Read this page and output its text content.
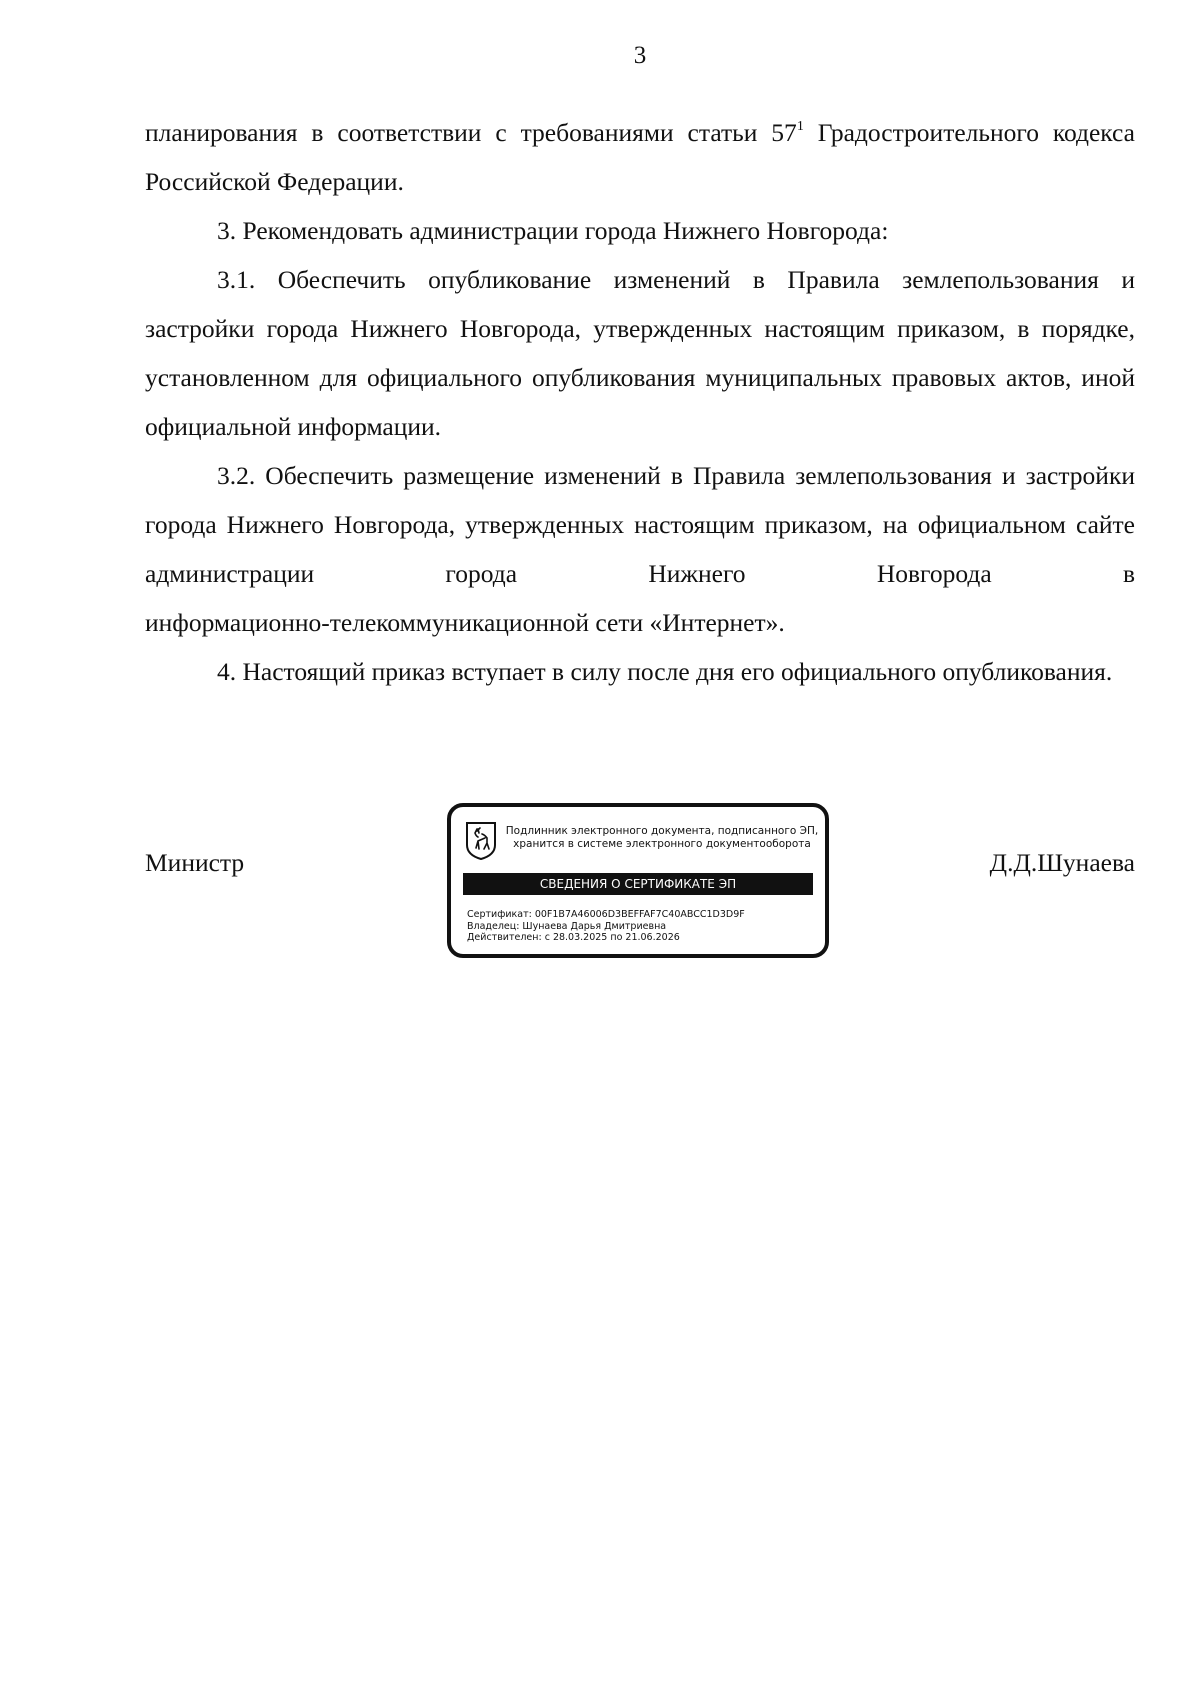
3

планирования в соответствии с требованиями статьи $57^1$ Градостроительного кодекса Российской Федерации.

3. Рекомендовать администрации города Нижнего Новгорода:

3.1. Обеспечить опубликование изменений в Правила землепользования и застройки города Нижнего Новгорода, утвержденных настоящим приказом, в порядке, установленном для официального опубликования муниципальных правовых актов, иной официальной информации.

3.2. Обеспечить размещение изменений в Правила землепользования и застройки города Нижнего Новгорода, утвержденных настоящим приказом, на официальном сайте администрации города Нижнего Новгорода в

информационно-телекоммуникационной сети «Интернет».

4. Настоящий приказ вступает в силу после дня его официального опубликования.

Министр
Подлинник электронного документа, подписанного ЭП,
хранится в системе электронного документооборота
СВЕДЕНИЯ О СЕРТИФИКАТЕ ЭП
Сертификат: 00F1B7A46006D3BEFFAF7C40ABCC1D3D9F
Владелец: Шунаева Дарья Дмитриевна
Действителен: с 28.03.2025 по 21.06.2026
Д.Д.Шунаева
